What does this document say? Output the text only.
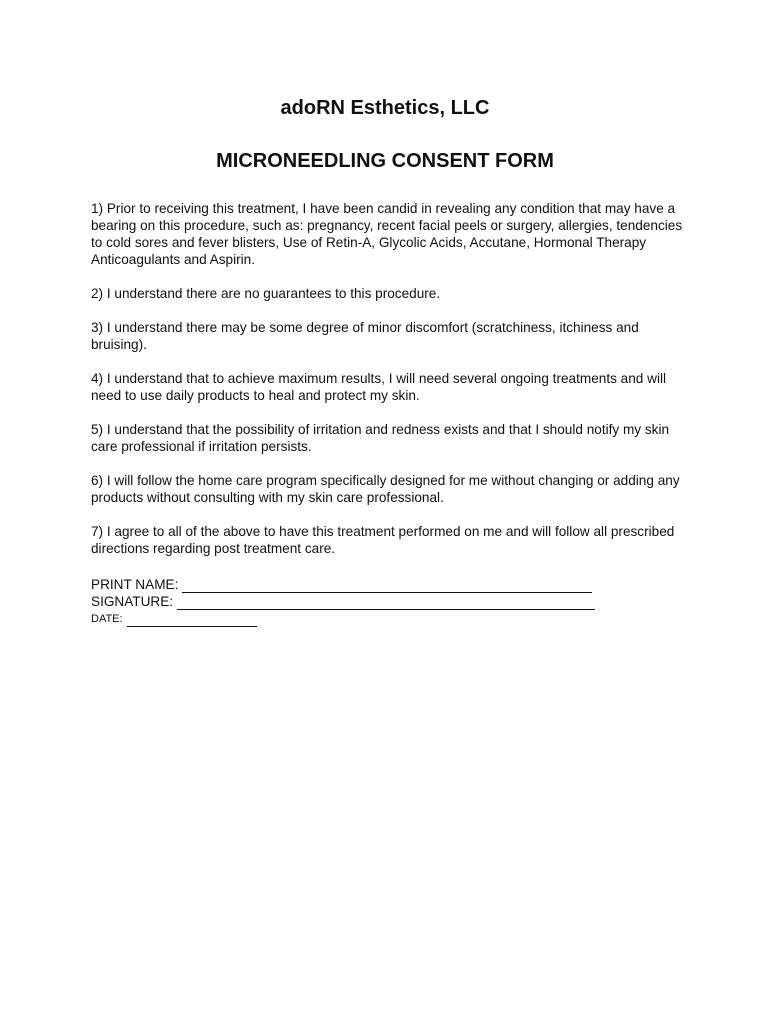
adoRN Esthetics, LLC
MICRONEEDLING CONSENT FORM
1) Prior to receiving this treatment, I have been candid in revealing any condition that may have a bearing on this procedure, such as: pregnancy, recent facial peels or surgery, allergies, tendencies to cold sores and fever blisters, Use of Retin-A, Glycolic Acids, Accutane, Hormonal Therapy Anticoagulants and Aspirin.
2) I understand there are no guarantees to this procedure.
3) I understand there may be some degree of minor discomfort (scratchiness, itchiness and bruising).
4) I understand that to achieve maximum results, I will need several ongoing treatments and will need to use daily products to heal and protect my skin.
5) I understand that the possibility of irritation and redness exists and that I should notify my skin care professional if irritation persists.
6) I will follow the home care program specifically designed for me without changing or adding any products without consulting with my skin care professional.
7) I agree to all of the above to have this treatment performed on me and will follow all prescribed directions regarding post treatment care.
PRINT NAME:
SIGNATURE:
DATE:
